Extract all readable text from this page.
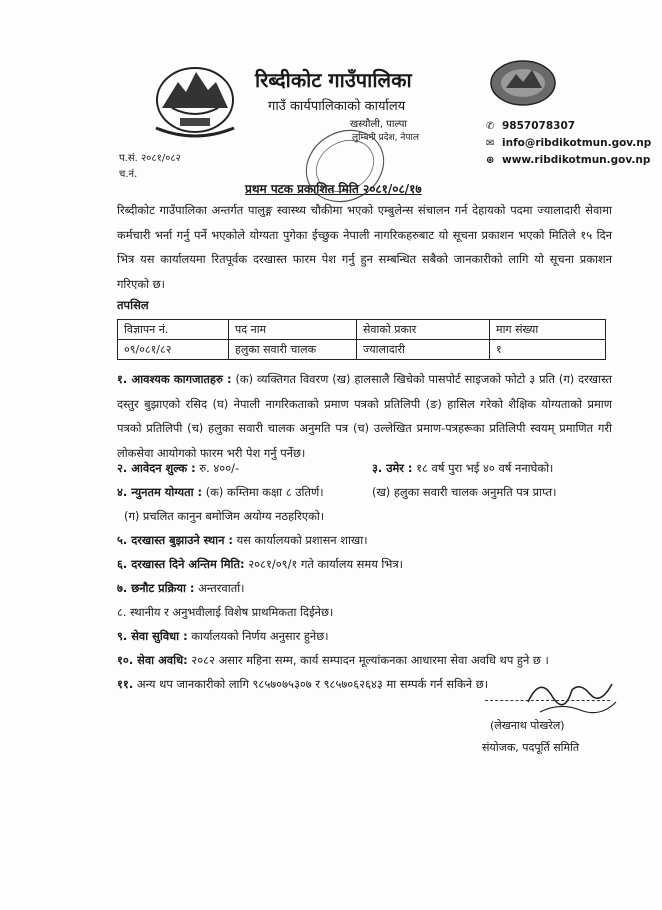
रिब्दीकोट गाउँपालिका
गाउँ कार्यपालिकाको कार्यालय
खस्यौली, पाल्पा
लुम्बिनी प्रदेश, नेपाल
✆ 9857078307
✉ info@ribdikotmun.gov.np
⊕ www.ribdikotmun.gov.np
प.सं. २०८१/०८२
च.नं.
प्रथम पटक प्रकाशित मिति २०८१/०८/१७
रिब्दीकोट गाउँपालिका अन्तर्गत पालुङ्ग स्वास्थ्य चौकीमा भएको एम्बुलेन्स संचालन गर्न देहायको पदमा ज्यालादारी सेवामा कर्मचारी भर्ना गर्नु पर्ने भएकोले योग्यता पुगेका ईच्छुक नेपाली नागरिकहरुबाट यो सूचना प्रकाशन भएको मितिले १५ दिन भित्र यस कार्यालयमा रितपूर्वक दरखास्त फारम पेश गर्नु हुन सम्बन्धित सबैको जानकारीको लागि यो सूचना प्रकाशन गरिएको छ।
तपसिल
विज्ञापन नं.	पद नाम	सेवाको प्रकार	माग संख्या
०९/०८१/८२	हलुका सवारी चालक	ज्यालादारी	१
१. आवश्यक कागजातहरु : (क) व्यक्तिगत विवरण (ख) हालसालै खिचेको पासपोर्ट साइजको फोटो ३ प्रति (ग) दरखास्त दस्तुर बुझाएको रसिद (घ) नेपाली नागरिकताको प्रमाण पत्रको प्रतिलिपी (ङ) हासिल गरेको शैक्षिक योग्यताको प्रमाण पत्रको प्रतिलिपी (च) हलुका सवारी चालक अनुमति पत्र (च) उल्लेखित प्रमाण-पत्रहरूका प्रतिलिपी स्वयम् प्रमाणित गरी लोकसेवा आयोगको फारम भरी पेश गर्नु पर्नेछ।
२. आवेदन शुल्क : रु. ४००/-	३. उमेर : १८ वर्ष पुरा भई ४० वर्ष ननाघेको।
४. न्युनतम योग्यता : (क) कम्तिमा कक्षा ८ उतिर्ण।	(ख) हलुका सवारी चालक अनुमति पत्र प्राप्त।
(ग) प्रचलित कानुन बमोजिम अयोग्य नठहरिएको।
५. दरखास्त बुझाउने स्थान : यस कार्यालयको प्रशासन शाखा।
६. दरखास्त दिने अन्तिम मिति: २०८१/०९/१ गते कार्यालय समय भित्र।
७. छनौट प्रक्रिया : अन्तरवार्ता।
८. स्थानीय र अनुभवीलाई विशेष प्राथमिकता दिईनेछ।
९. सेवा सुविधा : कार्यालयको निर्णय अनुसार हुनेछ।
१०. सेवा अवधि: २०८२ असार महिना सम्म, कार्य सम्पादन मूल्यांकनका आधारमा सेवा अवधि थप हुने छ ।
११. अन्य थप जानकारीको लागि ९८५७०७५३०७ र ९८५७०६२६४३ मा सम्पर्क गर्न सकिने छ।
(लेखनाथ पोखरेल)
संयोजक, पदपूर्ति समिति
